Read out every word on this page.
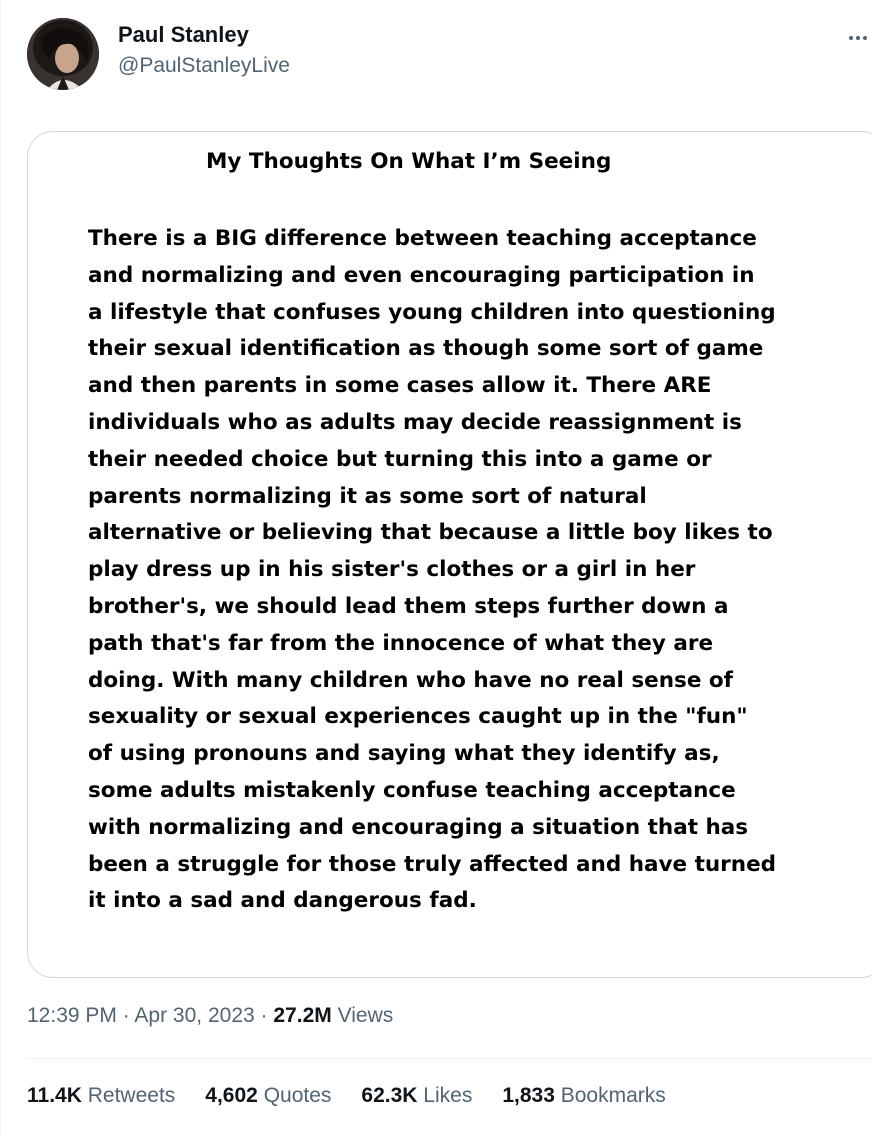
Paul Stanley
@PaulStanleyLive
My Thoughts On What I’m Seeing
There is a BIG difference between teaching acceptance
and normalizing and even encouraging participation in
a lifestyle that confuses young children into questioning
their sexual identification as though some sort of game
and then parents in some cases allow it. There ARE
individuals who as adults may decide reassignment is
their needed choice but turning this into a game or
parents normalizing it as some sort of natural
alternative or believing that because a little boy likes to
play dress up in his sister's clothes or a girl in her
brother's, we should lead them steps further down a
path that's far from the innocence of what they are
doing. With many children who have no real sense of
sexuality or sexual experiences caught up in the "fun"
of using pronouns and saying what they identify as,
some adults mistakenly confuse teaching acceptance
with normalizing and encouraging a situation that has
been a struggle for those truly affected and have turned
it into a sad and dangerous fad.
12:39 PM · Apr 30, 2023 · 27.2M Views
11.4K Retweets 4,602 Quotes 62.3K Likes 1,833 Bookmarks
